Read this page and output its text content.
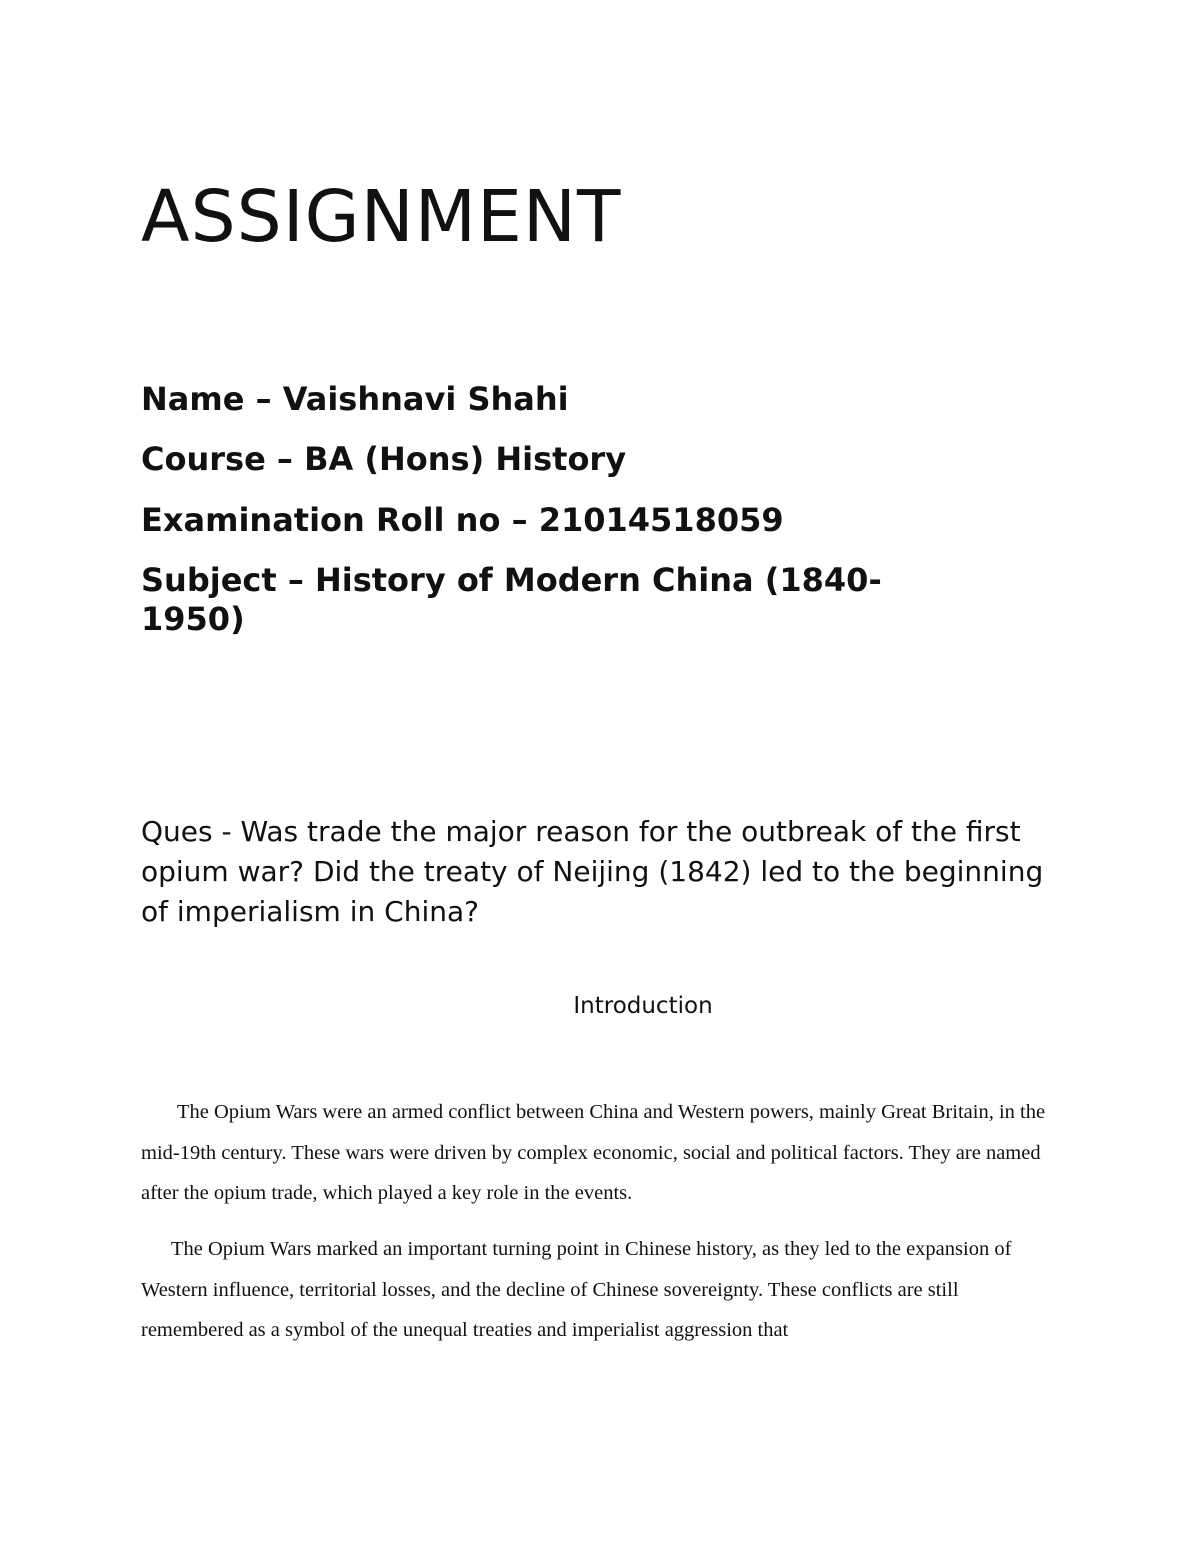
ASSIGNMENT

Name – Vaishnavi Shahi

Course – BA (Hons) History

Examination Roll no – 21014518059

Subject – History of Modern China (1840-1950)

Ques - Was trade the major reason for the outbreak of the first opium war? Did the treaty of Neijing (1842) led to the beginning of imperialism in China?

Introduction

The Opium Wars were an armed conflict between China and Western powers, mainly Great Britain, in the mid-19th century. These wars were driven by complex economic, social and political factors. They are named after the opium trade, which played a key role in the events.

The Opium Wars marked an important turning point in Chinese history, as they led to the expansion of Western influence, territorial losses, and the decline of Chinese sovereignty. These conflicts are still remembered as a symbol of the unequal treaties and imperialist aggression that
